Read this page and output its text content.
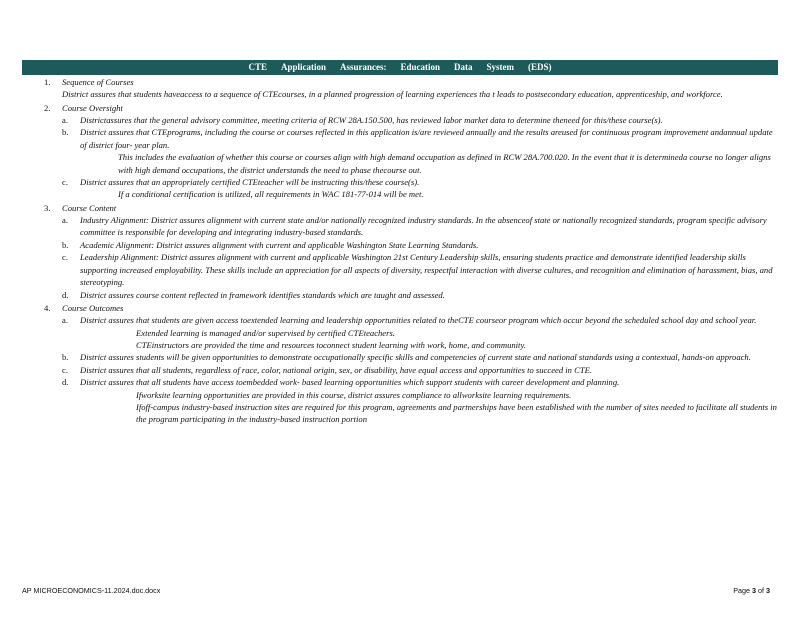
CTE Application Assurances: Education Data System (EDS)
1.	Sequence of Courses
District assures that students haveaccess to a sequence of CTEcourses, in a planned progression of learning experiences tha t leads to postsecondary education, apprenticeship, and workforce.
2.	Course Oversight
a.	Districtassures that the general advisory committee, meeting criteria of RCW 28A.150.500, has reviewed labor market data to determine theneed for this/these course(s).
b.	District assures that CTEprograms, including the course or courses reflected in this application is/are reviewed annually and the results areused for continuous program improvement andannual update of district four- year plan.
This includes the evaluation of whether this course or courses align with high demand occupation as defined in RCW 28A.700.020. In the event that it is determineda course no longer aligns with high demand occupations, the district understands the need to phase thecourse out.
c.	District assures that an appropriately certified CTEteacher will be instructing this/these course(s).
If a conditional certification is utilized, all requirements in WAC 181-77-014 will be met.
3.	Course Content
a.	Industry Alignment: District assures alignment with current state and/or nationally recognized industry standards. In the absenceof state or nationally recognized standards, program specific advisory committee is responsible for developing and integrating industry-based standards.
b.	Academic Alignment: District assures alignment with current and applicable Washington State Learning Standards.
c.	Leadership Alignment: District assures alignment with current and applicable Washington 21st Century Leadership skills, ensuring students practice and demonstrate identified leadership skills supporting increased employability. These skills include an appreciation for all aspects of diversity, respectful interaction with diverse cultures, and recognition and elimination of harassment, bias, and stereotyping.
d.	District assures course content reflected in framework identifies standards which are taught and assessed.
4.	Course Outcomes
a.	District assures that students are given access toextended learning and leadership opportunities related to theCTE courseor program which occur beyond the scheduled school day and school year.
Extended learning is managed and/or supervised by certified CTEteachers.
CTEinstructors are provided the time and resources toconnect student learning with work, home, and community.
b.	District assures students will be given opportunities to demonstrate occupationally specific skills and competencies of current state and national standards using a contextual, hands-on approach.
c.	District assures that all students, regardless of race, color, national origin, sex, or disability, have equal access and opportunities to succeed in CTE.
d.	District assures that all students have access toembedded work- based learning opportunities which support students with career development and planning.
Ifworksite learning opportunities are provided in this course, district assures compliance to allworksite learning requirements.
Ifoff-campus industry-based instruction sites are required for this program, agreements and partnerships have been established with the number of sites needed to facilitate all students in the program participating in the industry-based instruction portion
AP MICROECONOMICS-11.2024.doc.docx	Page 3 of 3
